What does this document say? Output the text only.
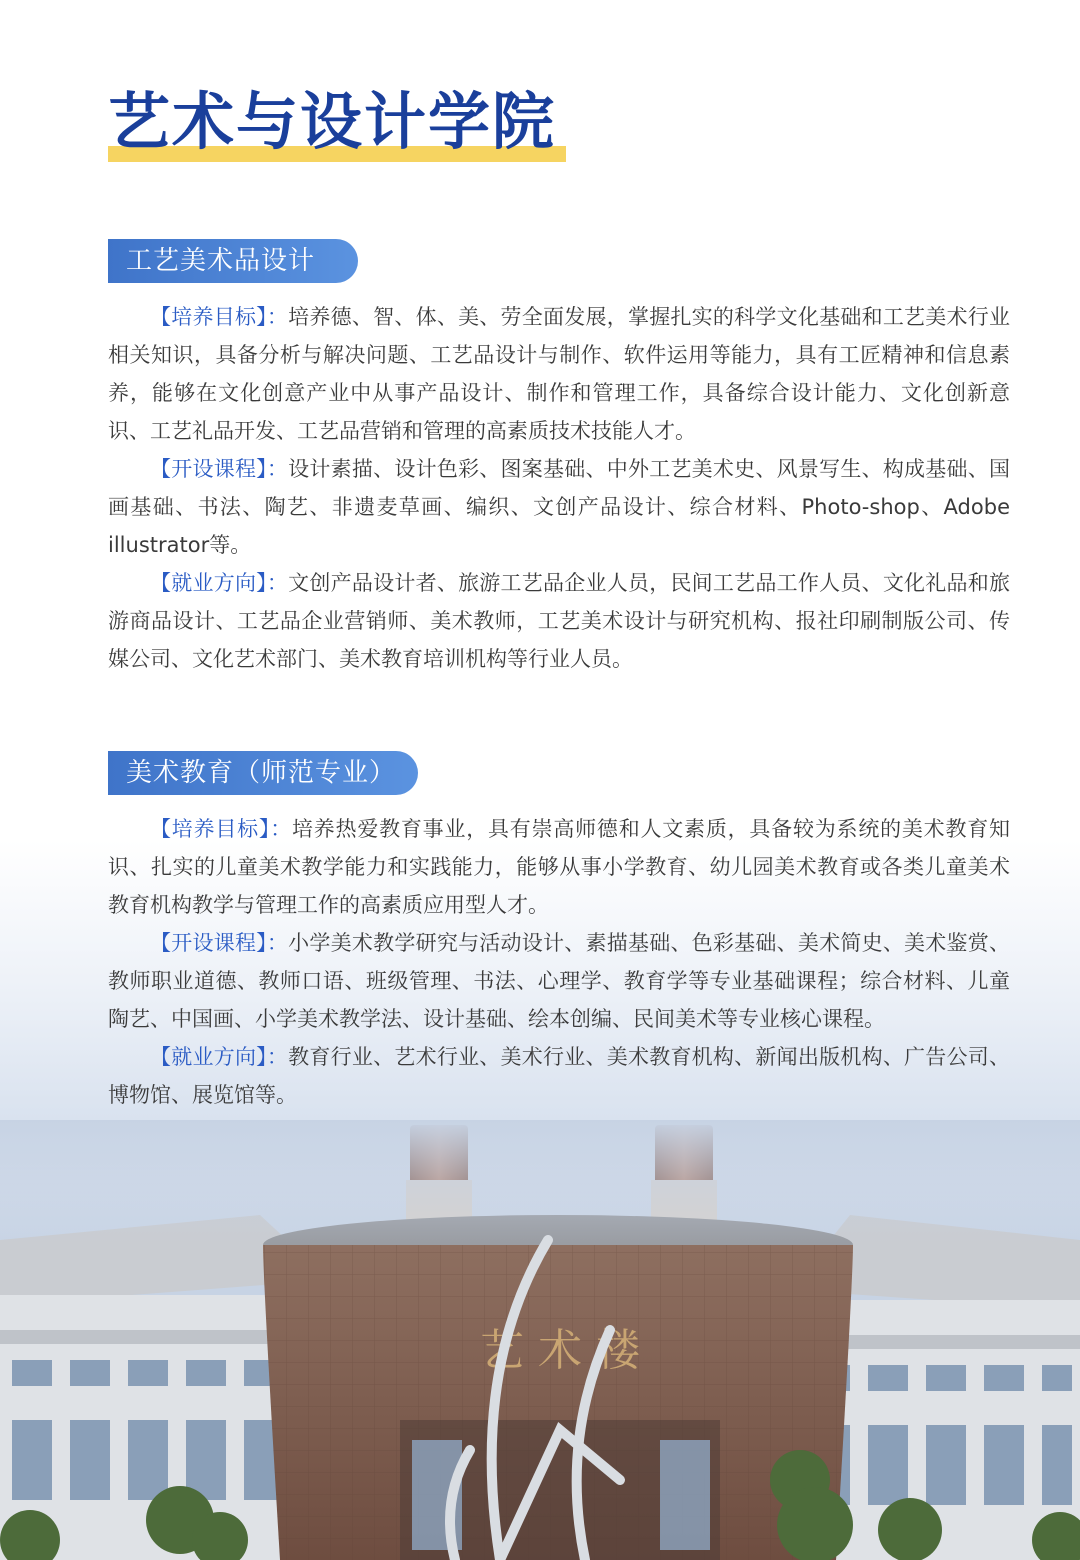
艺术与设计学院
工艺美术品设计

【培养目标】：培养德、智、体、美、劳全面发展，掌握扎实的科学文化基础和工艺美术行业相关知识，具备分析与解决问题、工艺品设计与制作、软件运用等能力，具有工匠精神和信息素养，能够在文化创意产业中从事产品设计、制作和管理工作，具备综合设计能力、文化创新意识、工艺礼品开发、工艺品营销和管理的高素质技术技能人才。

【开设课程】：设计素描、设计色彩、图案基础、中外工艺美术史、风景写生、构成基础、国画基础、书法、陶艺、非遗麦草画、编织、文创产品设计、综合材料、Photo-shop、Adobe illustrator等。

【就业方向】：文创产品设计者、旅游工艺品企业人员，民间工艺品工作人员、文化礼品和旅游商品设计、工艺品企业营销师、美术教师，工艺美术设计与研究机构、报社印刷制版公司、传媒公司、文化艺术部门、美术教育培训机构等行业人员。

美术教育（师范专业）

【培养目标】：培养热爱教育事业，具有崇高师德和人文素质，具备较为系统的美术教育知识、扎实的儿童美术教学能力和实践能力，能够从事小学教育、幼儿园美术教育或各类儿童美术教育机构教学与管理工作的高素质应用型人才。

【开设课程】：小学美术教学研究与活动设计、素描基础、色彩基础、美术简史、美术鉴赏、教师职业道德、教师口语、班级管理、书法、心理学、教育学等专业基础课程；综合材料、儿童陶艺、中国画、小学美术教学法、设计基础、绘本创编、民间美术等专业核心课程。

【就业方向】：教育行业、艺术行业、美术行业、美术教育机构、新闻出版机构、广告公司、博物馆、展览馆等。
